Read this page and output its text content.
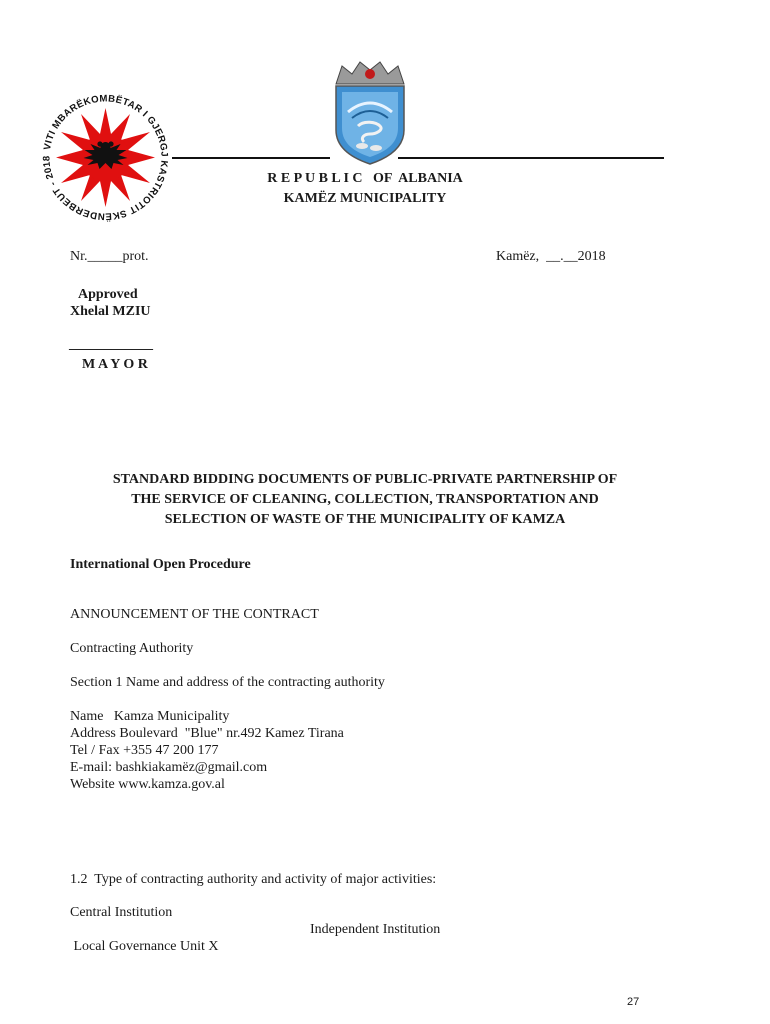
VITI MBARËKOMBËTAR I GJERGJ KASTRIOTIT SKËNDERBEUT - 2018
R E P U B L I C   OF  ALBANIA
KAMËZ MUNICIPALITY
Nr._____prot.	Kamëz,  __.__2018
Approved
Xhelal MZIU
____________
M A Y O R
STANDARD BIDDING DOCUMENTS OF PUBLIC-PRIVATE PARTNERSHIP OF
THE SERVICE OF CLEANING, COLLECTION, TRANSPORTATION AND
SELECTION OF WASTE OF THE MUNICIPALITY OF KAMZA
International Open Procedure
ANNOUNCEMENT OF THE CONTRACT
Contracting Authority
Section 1 Name and address of the contracting authority
Name   Kamza Municipality
Address Boulevard  "Blue" nr.492 Kamez Tirana
Tel / Fax +355 47 200 177
E-mail: bashkiakamëz@gmail.com
Website www.kamza.gov.al
1.2  Type of contracting authority and activity of major activities:
Central Institution
Independent Institution
Local Governance Unit X
27
